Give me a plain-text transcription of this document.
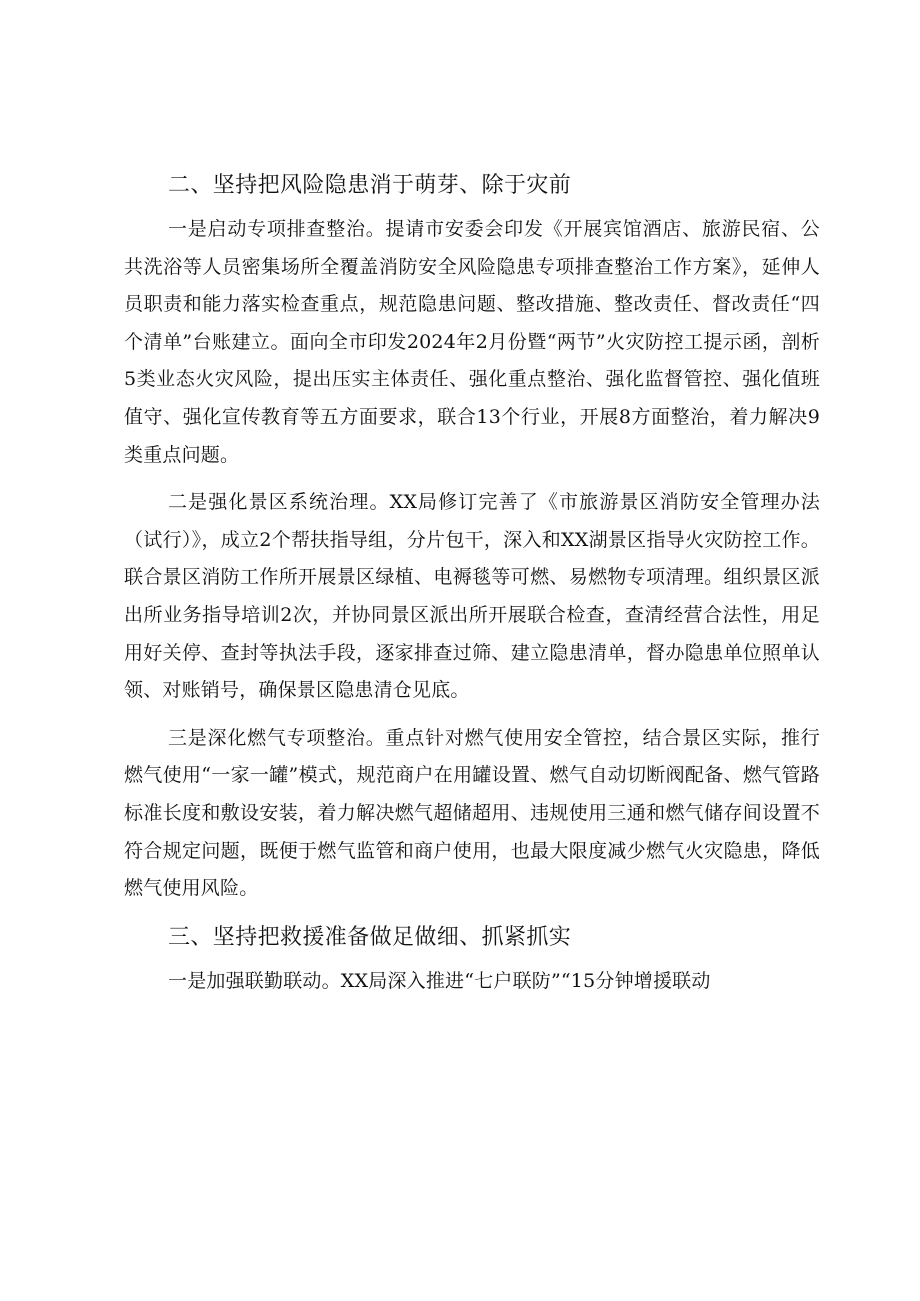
二、坚持把风险隐患消于萌芽、除于灾前

一是启动专项排查整治。提请市安委会印发《开展宾馆酒店、旅游民宿、公共洗浴等人员密集场所全覆盖消防安全风险隐患专项排查整治工作方案》，延伸人员职责和能力落实检查重点，规范隐患问题、整改措施、整改责任、督改责任“四个清单”台账建立。面向全市印发2024年2月份暨“两节”火灾防控工提示函，剖析5类业态火灾风险，提出压实主体责任、强化重点整治、强化监督管控、强化值班值守、强化宣传教育等五方面要求，联合13个行业，开展8方面整治，着力解决9类重点问题。

二是强化景区系统治理。XX局修订完善了《市旅游景区消防安全管理办法（试行）》，成立2个帮扶指导组，分片包干，深入和XX湖景区指导火灾防控工作。联合景区消防工作所开展景区绿植、电褥毯等可燃、易燃物专项清理。组织景区派出所业务指导培训2次，并协同景区派出所开展联合检查，查清经营合法性，用足用好关停、查封等执法手段，逐家排查过筛、建立隐患清单，督办隐患单位照单认领、对账销号，确保景区隐患清仓见底。

三是深化燃气专项整治。重点针对燃气使用安全管控，结合景区实际，推行燃气使用“一家一罐”模式，规范商户在用罐设置、燃气自动切断阀配备、燃气管路标准长度和敷设安装，着力解决燃气超储超用、违规使用三通和燃气储存间设置不符合规定问题，既便于燃气监管和商户使用，也最大限度减少燃气火灾隐患，降低燃气使用风险。

三、坚持把救援准备做足做细、抓紧抓实

一是加强联勤联动。XX局深入推进“七户联防”“15分钟增援联动
